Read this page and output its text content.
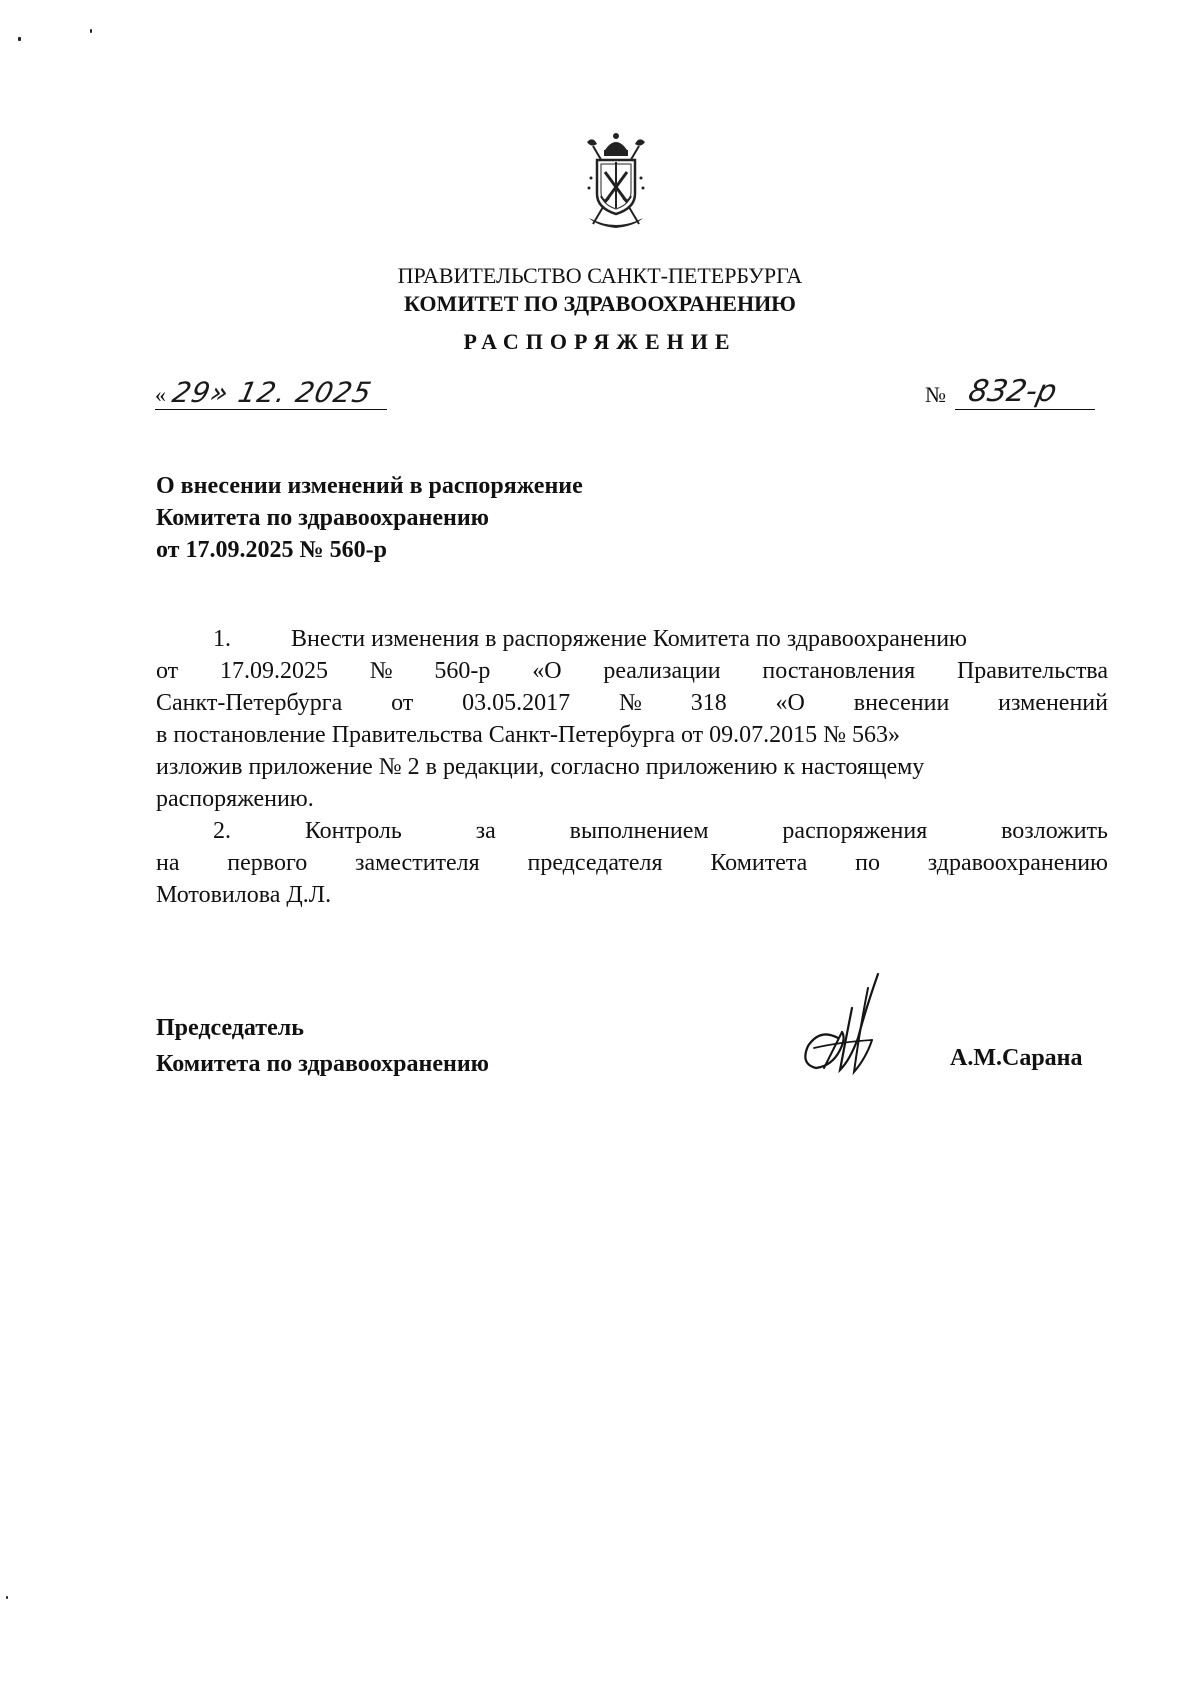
ПРАВИТЕЛЬСТВО САНКТ-ПЕТЕРБУРГА
КОМИТЕТ ПО ЗДРАВООХРАНЕНИЮ
РАСПОРЯЖЕНИЕ
« 29» 12. 2025	№ 832-р
О внесении изменений в распоряжение
Комитета по здравоохранению
от 17.09.2025 № 560-р
1.	Внести изменения в распоряжение Комитета по здравоохранению
от 17.09.2025 № 560-р «О реализации постановления Правительства
Санкт-Петербурга от 03.05.2017 № 318 «О внесении изменений
в постановление Правительства Санкт-Петербурга от 09.07.2015 № 563»
изложив приложение № 2 в редакции, согласно приложению к настоящему
распоряжению.
2.	Контроль	за	выполнением	распоряжения	возложить
на первого заместителя председателя Комитета по здравоохранению
Мотовилова Д.Л.
Председатель
Комитета по здравоохранению	А.М.Сарана
